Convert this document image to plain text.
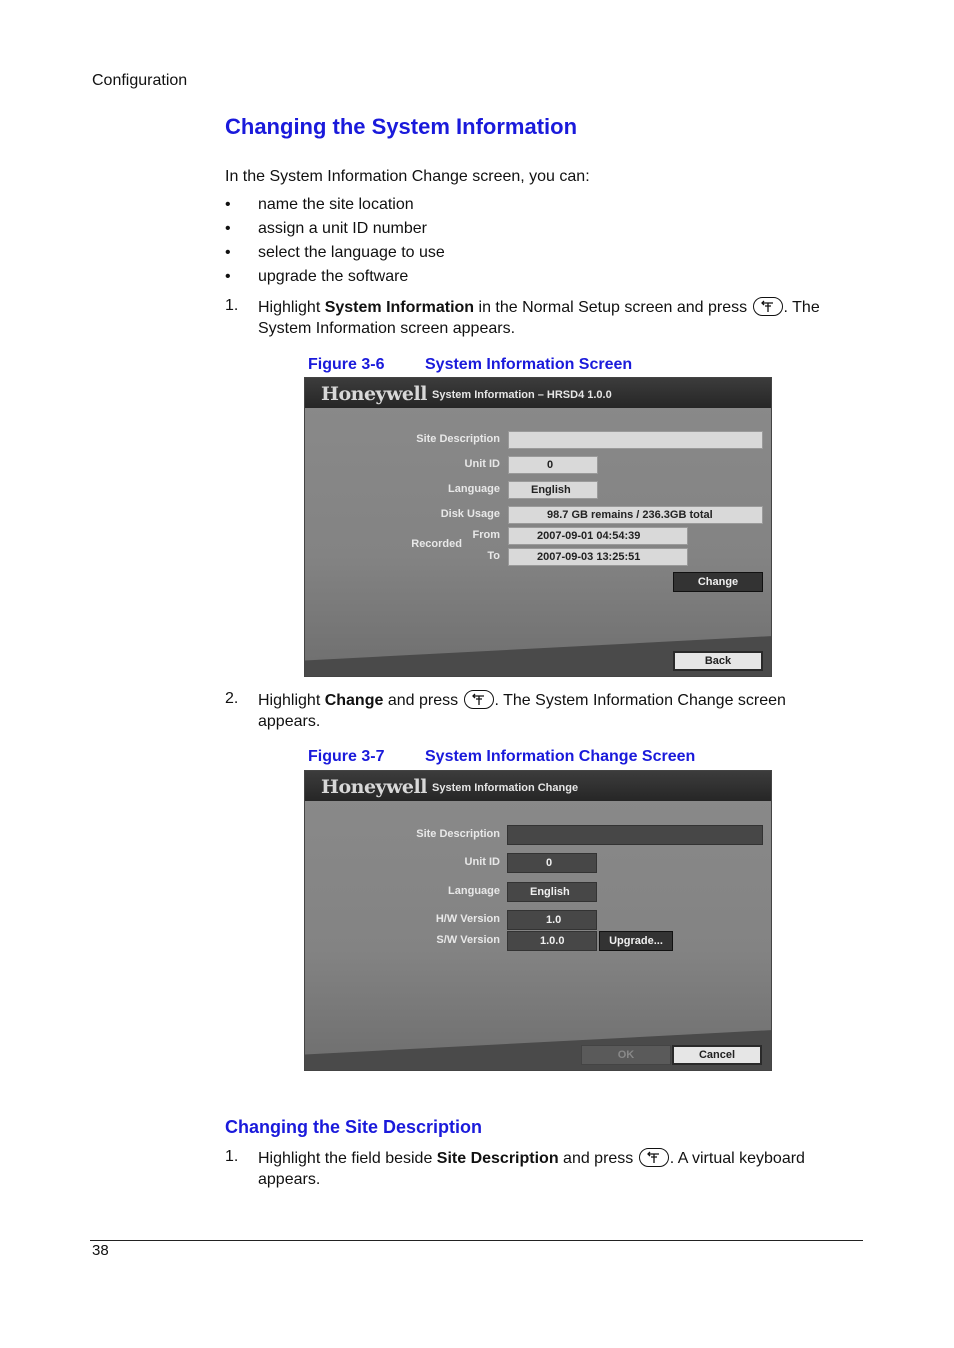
Configuration
Changing the System Information
In the System Information Change screen, you can:
• name the site location
• assign a unit ID number
• select the language to use
• upgrade the software
1. Highlight System Information in the Normal Setup screen and press
. The
System Information screen appears.
Figure 3-6	System Information Screen
Honeywell System Information – HRSD4 1.0.0
Site Description
Unit ID	0
Language	English
Disk Usage	98.7 GB remains / 236.3GB total
Recorded
From	2007-09-01 04:54:39
To	2007-09-03 13:25:51
Change
Back
2. Highlight Change and press
. The System Information Change screen
appears.
Figure 3-7	System Information Change Screen
Honeywell System Information Change
Site Description
Unit ID	0
Language	English
H/W Version	1.0
S/W Version	1.0.0	Upgrade...
OK	Cancel
Changing the Site Description
1. Highlight the field beside Site Description and press
. A virtual keyboard
appears.
38
